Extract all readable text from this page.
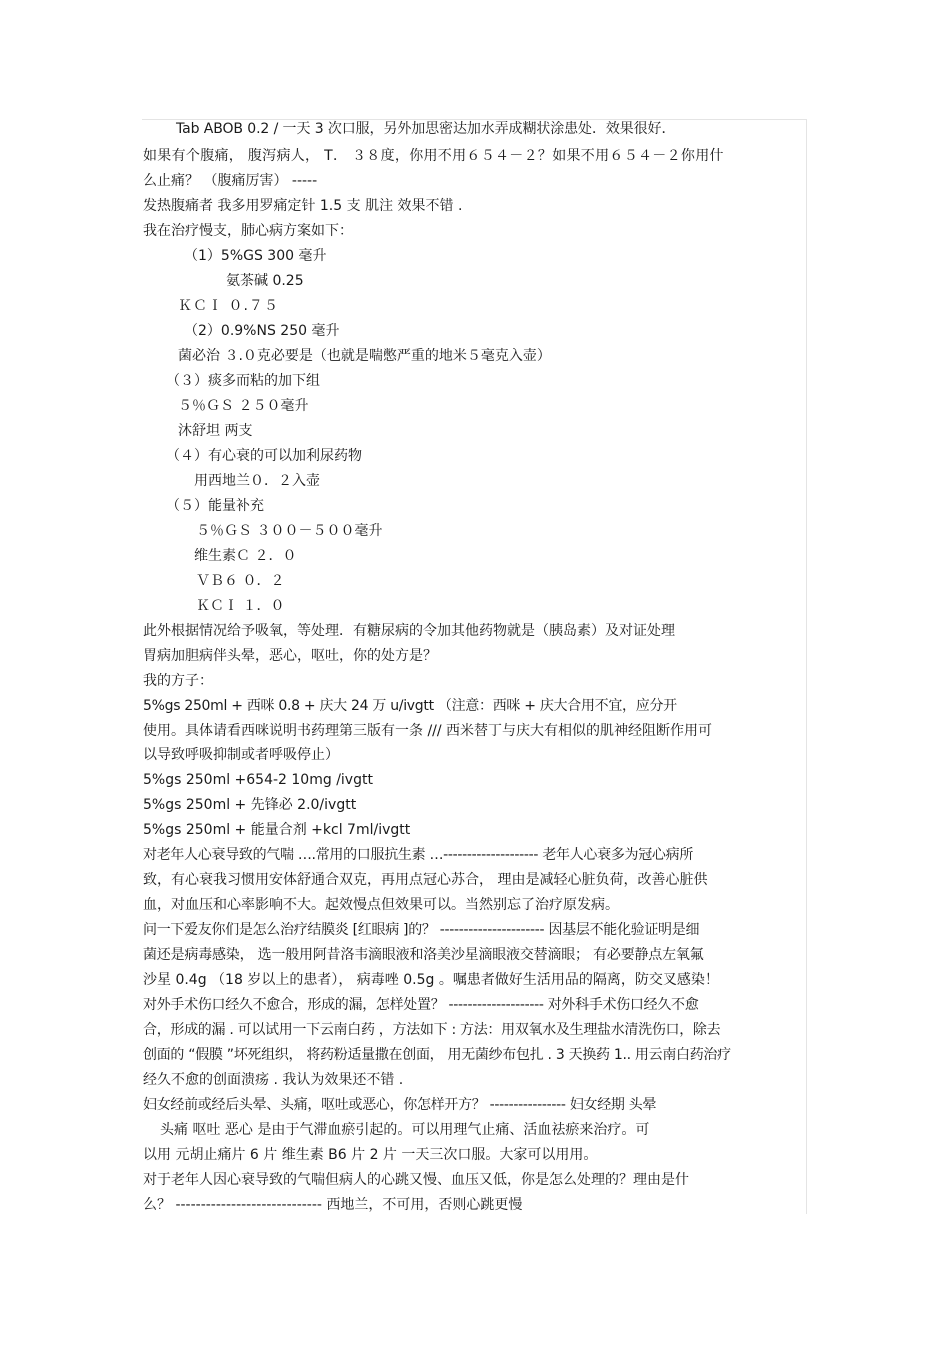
Tab ABOB 0.2 / 一天 3 次口服，另外加思密达加水弄成糊状涂患处．效果很好．
如果有个腹痛， 腹泻病人， T． ３８度，你用不用６５４－２？如果不用６５４－２你用什
么止痛？ （腹痛厉害） -----
发热腹痛者 我多用罗痛定针 1.5 支 肌注 效果不错 .
我在治疗慢支，肺心病方案如下：
（1）5%GS 300 毫升
氨茶碱 0.25
ＫＣＩ ０.７５
（2）0.9%NS 250 毫升
菌必治 ３.０克必要是（也就是喘憋严重的地米５毫克入壶）
（３）痰多而粘的加下组
５％ＧＳ ２５０毫升
沐舒坦 两支
（４）有心衰的可以加利尿药物
用西地兰０．２入壶
（５）能量补充
５％ＧＳ ３００－５００毫升
维生素Ｃ ２．０
ＶＢ６ ０．２
ＫＣＩ １．０
此外根据情况给予吸氧，等处理．有糖尿病的令加其他药物就是（胰岛素）及对证处理
胃病加胆病伴头晕，恶心，呕吐，你的处方是？
我的方子：
5%gs 250ml + 西咪 0.8 + 庆大 24 万 u/ivgtt （注意：西咪 + 庆大合用不宜，应分开
使用。具体请看西咪说明书药理第三版有一条 /// 西米替丁与庆大有相似的肌神经阻断作用可
以导致呼吸抑制或者呼吸停止）
5%gs 250ml +654-2 10mg /ivgtt
5%gs 250ml + 先锋必 2.0/ivgtt
5%gs 250ml + 能量合剂 +kcl 7ml/ivgtt
对老年人心衰导致的气喘 ….常用的口服抗生素 …-------------------- 老年人心衰多为冠心病所
致，有心衰我习惯用安体舒通合双克，再用点冠心苏合， 理由是减轻心脏负荷，改善心脏供
血，对血压和心率影响不大。起效慢点但效果可以。当然别忘了治疗原发病。
问一下爱友你们是怎么治疗结膜炎 [红眼病 ]的？ ---------------------- 因基层不能化验证明是细
菌还是病毒感染， 选一般用阿昔洛韦滴眼液和洛美沙星滴眼液交替滴眼； 有必要静点左氧氟
沙星 0.4g （18 岁以上的患者）， 病毒唑 0.5g 。嘱患者做好生活用品的隔离，防交叉感染！
对外手术伤口经久不愈合，形成的漏，怎样处置？ -------------------- 对外科手术伤口经久不愈
合，形成的漏 . 可以试用一下云南白药 ，方法如下 : 方法：用双氧水及生理盐水清洗伤口，除去
创面的 “假膜 ”坏死组织， 将药粉适量撒在创面， 用无菌纱布包扎 . 3 天换药 1.. 用云南白药治疗
经久不愈的创面溃疡 . 我认为效果还不错 .
妇女经前或经后头晕、头痛，呕吐或恶心，你怎样开方？ ---------------- 妇女经期 头晕
头痛 呕吐 恶心 是由于气滞血瘀引起的。可以用理气止痛、活血祛瘀来治疗。可
以用 元胡止痛片 6 片 维生素 B6 片 2 片 一天三次口服。大家可以用用。
对于老年人因心衰导致的气喘但病人的心跳又慢、血压又低，你是怎么处理的？理由是什
么？ ----------------------------- 西地兰，不可用，否则心跳更慢
